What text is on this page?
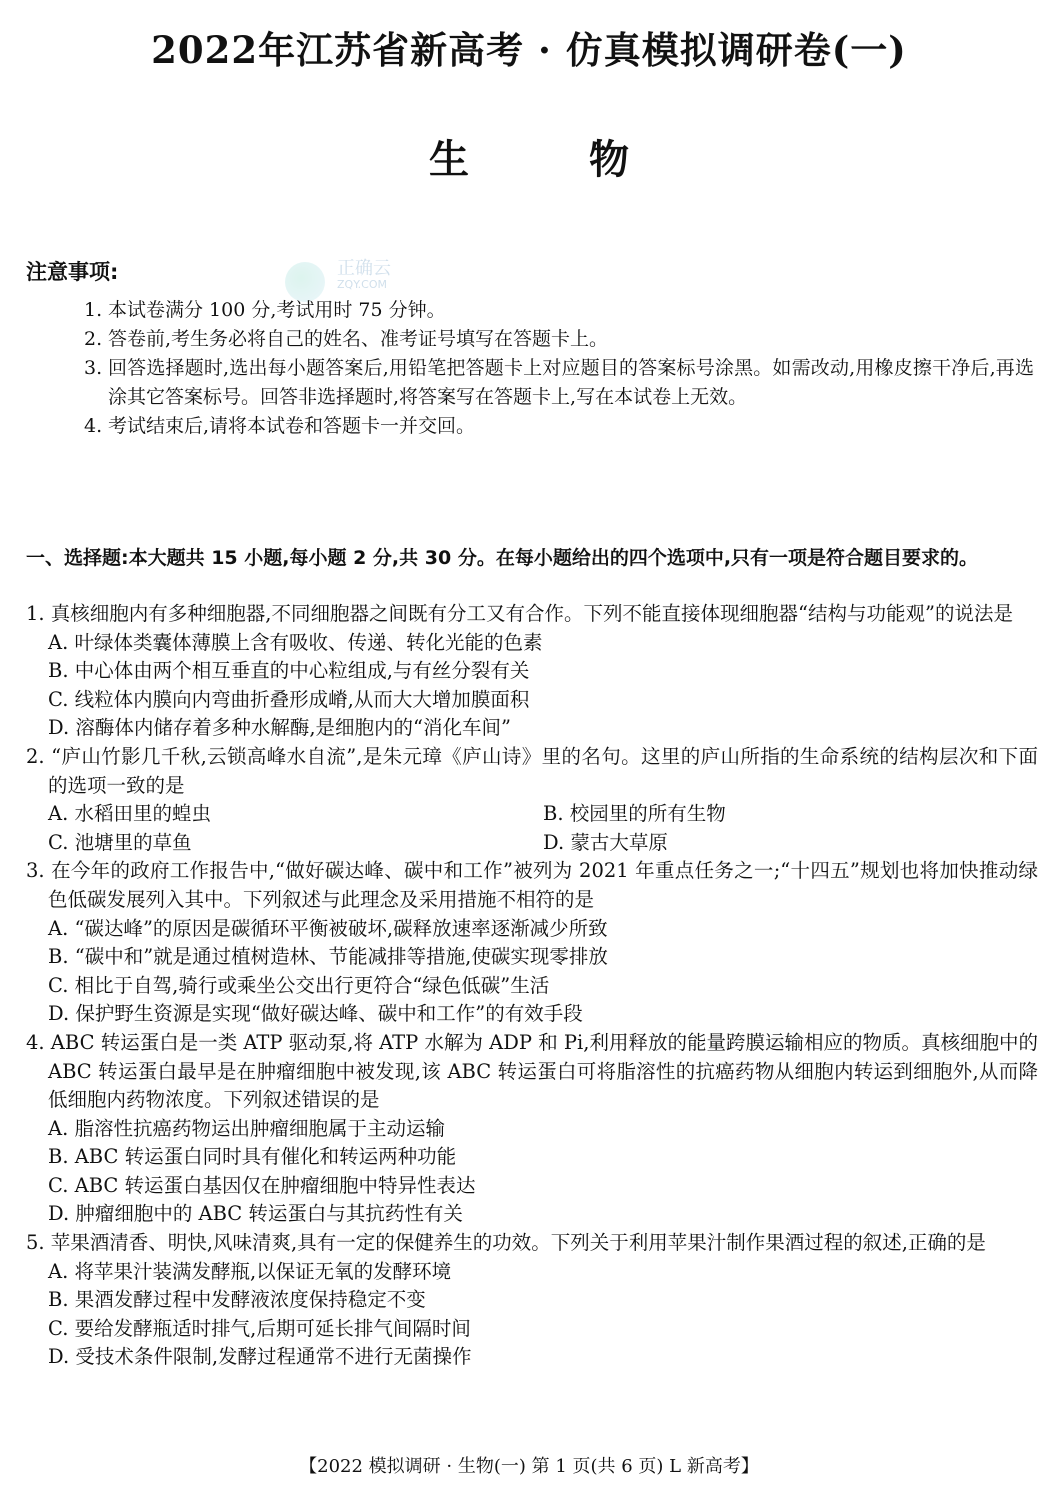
2022年江苏省新高考 · 仿真模拟调研卷(一)
生	物
正确云
ZQY.COM
注意事项:
1. 本试卷满分 100 分,考试用时 75 分钟。
2. 答卷前,考生务必将自己的姓名、准考证号填写在答题卡上。
3. 回答选择题时,选出每小题答案后,用铅笔把答题卡上对应题目的答案标号涂黑。如需改动,用橡皮擦干净后,再选涂其它答案标号。回答非选择题时,将答案写在答题卡上,写在本试卷上无效。
4. 考试结束后,请将本试卷和答题卡一并交回。
一、选择题:本大题共 15 小题,每小题 2 分,共 30 分。在每小题给出的四个选项中,只有一项是符合题目要求的。
1. 真核细胞内有多种细胞器,不同细胞器之间既有分工又有合作。下列不能直接体现细胞器“结构与功能观”的说法是
A. 叶绿体类囊体薄膜上含有吸收、传递、转化光能的色素
B. 中心体由两个相互垂直的中心粒组成,与有丝分裂有关
C. 线粒体内膜向内弯曲折叠形成嵴,从而大大增加膜面积
D. 溶酶体内储存着多种水解酶,是细胞内的“消化车间”
2. “庐山竹影几千秋,云锁高峰水自流”,是朱元璋《庐山诗》里的名句。这里的庐山所指的生命系统的结构层次和下面的选项一致的是
A. 水稻田里的蝗虫	B. 校园里的所有生物
C. 池塘里的草鱼	D. 蒙古大草原
3. 在今年的政府工作报告中,“做好碳达峰、碳中和工作”被列为 2021 年重点任务之一;“十四五”规划也将加快推动绿色低碳发展列入其中。下列叙述与此理念及采用措施不相符的是
A. “碳达峰”的原因是碳循环平衡被破坏,碳释放速率逐渐减少所致
B. “碳中和”就是通过植树造林、节能减排等措施,使碳实现零排放
C. 相比于自驾,骑行或乘坐公交出行更符合“绿色低碳”生活
D. 保护野生资源是实现“做好碳达峰、碳中和工作”的有效手段
4. ABC 转运蛋白是一类 ATP 驱动泵,将 ATP 水解为 ADP 和 Pi,利用释放的能量跨膜运输相应的物质。真核细胞中的 ABC 转运蛋白最早是在肿瘤细胞中被发现,该 ABC 转运蛋白可将脂溶性的抗癌药物从细胞内转运到细胞外,从而降低细胞内药物浓度。下列叙述错误的是
A. 脂溶性抗癌药物运出肿瘤细胞属于主动运输
B. ABC 转运蛋白同时具有催化和转运两种功能
C. ABC 转运蛋白基因仅在肿瘤细胞中特异性表达
D. 肿瘤细胞中的 ABC 转运蛋白与其抗药性有关
5. 苹果酒清香、明快,风味清爽,具有一定的保健养生的功效。下列关于利用苹果汁制作果酒过程的叙述,正确的是
A. 将苹果汁装满发酵瓶,以保证无氧的发酵环境
B. 果酒发酵过程中发酵液浓度保持稳定不变
C. 要给发酵瓶适时排气,后期可延长排气间隔时间
D. 受技术条件限制,发酵过程通常不进行无菌操作
【2022 模拟调研 · 生物(一) 第 1 页(共 6 页) L 新高考】
